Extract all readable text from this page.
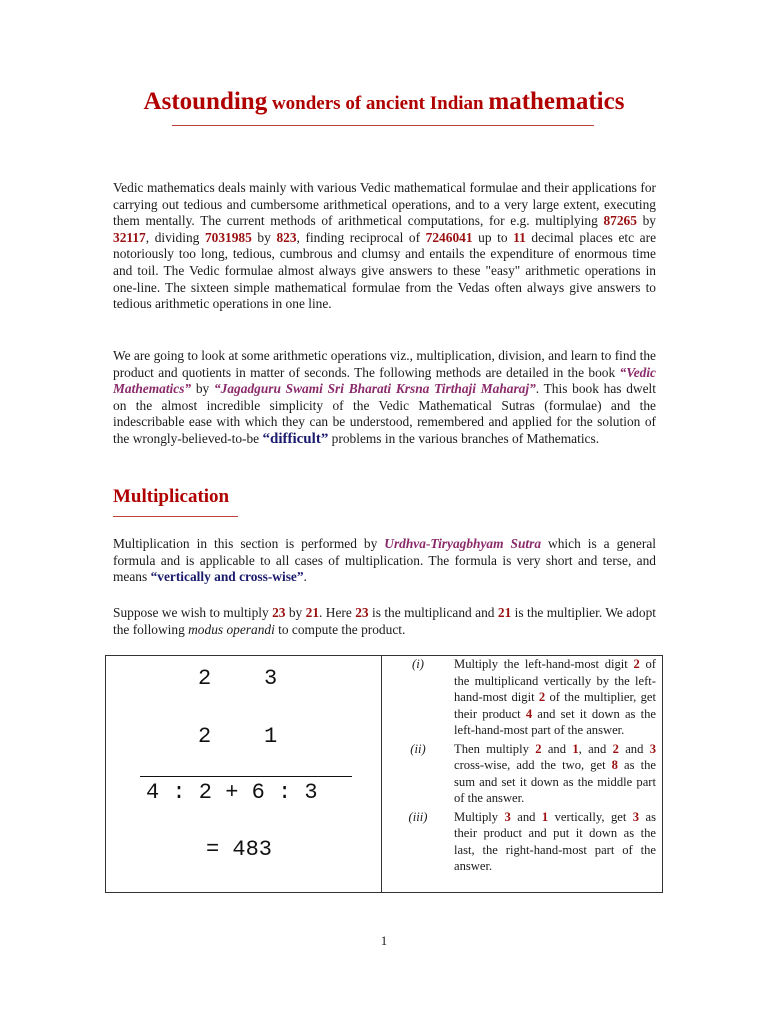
Astounding wonders of ancient Indian mathematics
Vedic mathematics deals mainly with various Vedic mathematical formulae and their applications for carrying out tedious and cumbersome arithmetical operations, and to a very large extent, executing them mentally. The current methods of arithmetical computations, for e.g. multiplying 87265 by 32117, dividing 7031985 by 823, finding reciprocal of 7246041 up to 11 decimal places etc are notoriously too long, tedious, cumbrous and clumsy and entails the expenditure of enormous time and toil. The Vedic formulae almost always give answers to these "easy" arithmetic operations in one-line. The sixteen simple mathematical formulae from the Vedas often always give answers to tedious arithmetic operations in one line.
We are going to look at some arithmetic operations viz., multiplication, division, and learn to find the product and quotients in matter of seconds. The following methods are detailed in the book “Vedic Mathematics” by “Jagadguru Swami Sri Bharati Krsna Tirthaji Maharaj”. This book has dwelt on the almost incredible simplicity of the Vedic Mathematical Sutras (formulae) and the indescribable ease with which they can be understood, remembered and applied for the solution of the wrongly-believed-to-be “difficult” problems in the various branches of Mathematics.
Multiplication
Multiplication in this section is performed by Urdhva-Tiryagbhyam Sutra which is a general formula and is applicable to all cases of multiplication. The formula is very short and terse, and means “vertically and cross-wise”.
Suppose we wish to multiply 23 by 21. Here 23 is the multiplicand and 21 is the multiplier. We adopt the following modus operandi to compute the product.
2    3
2    1
4 : 2 + 6 : 3
= 483

(i)	Multiply the left-hand-most digit 2 of the multiplicand vertically by the left-hand-most digit 2 of the multiplier, get their product 4 and set it down as the left-hand-most part of the answer.
(ii)	Then multiply 2 and 1, and 2 and 3 cross-wise, add the two, get 8 as the sum and set it down as the middle part of the answer.
(iii)	Multiply 3 and 1 vertically, get 3 as their product and put it down as the last, the right-hand-most part of the answer.
1
